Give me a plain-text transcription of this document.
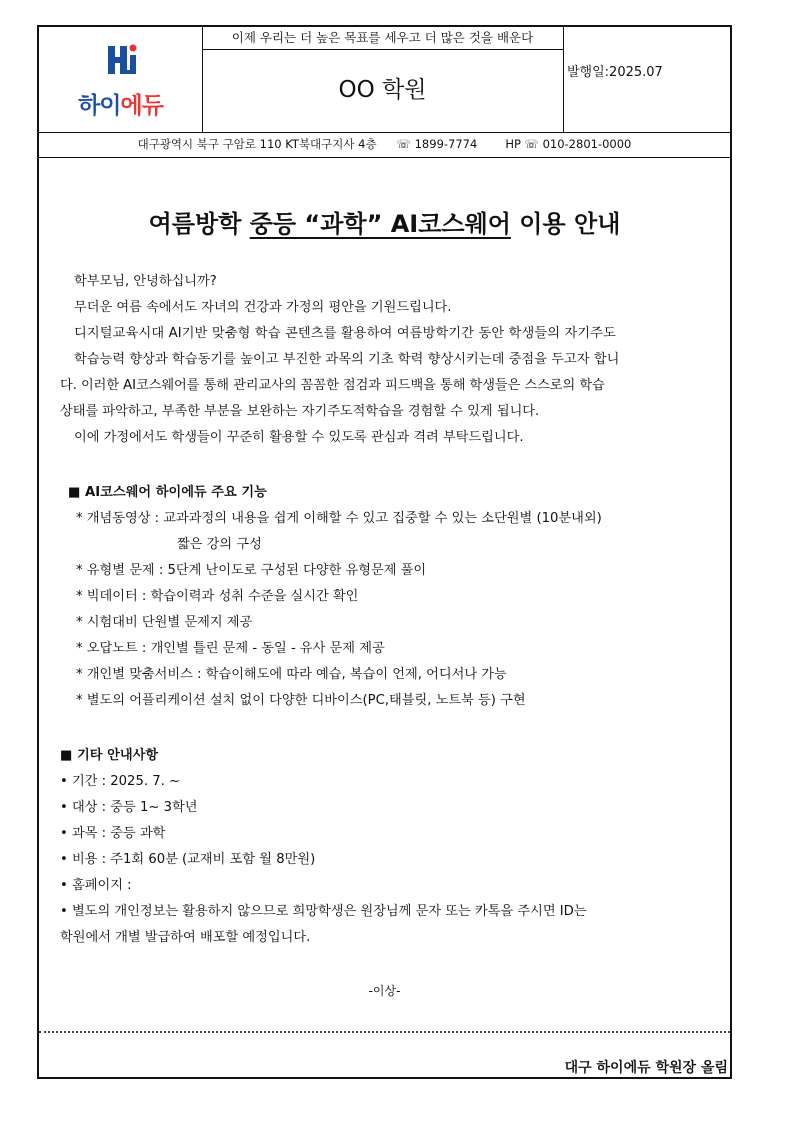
하이에듀
이제 우리는 더 높은 목표를 세우고 더 많은 것을 배운다
OO 학원
발행일:2025.07
대구광역시 북구 구암로 110 KT북대구지사 4층 ☏ 1899-7774 HP ☏ 010-2801-0000
여름방학 중등 “과학” AI코스웨어 이용 안내
학부모님, 안녕하십니까?
무더운 여름 속에서도 자녀의 건강과 가정의 평안을 기원드립니다.
디지털교육시대 AI기반 맞춤형 학습 콘텐츠를 활용하여 여름방학기간 동안 학생들의 자기주도
학습능력 향상과 학습동기를 높이고 부진한 과목의 기초 학력 향상시키는데 중점을 두고자 합니
다. 이러한 AI코스웨어를 통해 관리교사의 꼼꼼한 점검과 피드백을 통해 학생들은 스스로의 학습
상태를 파악하고, 부족한 부분을 보완하는 자기주도적학습을 경험할 수 있게 됩니다.
이에 가정에서도 학생들이 꾸준히 활용할 수 있도록 관심과 격려 부탁드립니다.
■ AI코스웨어 하이에듀 주요 기능
* 개념동영상 : 교과과정의 내용을 쉽게 이해할 수 있고 집중할 수 있는 소단원별 (10분내외)
짧은 강의 구성
* 유형별 문제 : 5단계 난이도로 구성된 다양한 유형문제 풀이
* 빅데이터 : 학습이력과 성취 수준을 실시간 확인
* 시험대비 단원별 문제지 제공
* 오답노트 : 개인별 틀린 문제 - 동일 - 유사 문제 제공
* 개인별 맞춤서비스 : 학습이해도에 따라 예습, 복습이 언제, 어디서나 가능
* 별도의 어플리케이션 설치 없이 다양한 디바이스(PC,태블릿, 노트북 등) 구현
■ 기타 안내사항
• 기간 : 2025. 7. ~
• 대상 : 중등 1~ 3학년
• 과목 : 중등 과학
• 비용 : 주1회 60분 (교재비 포함 월 8만원)
• 홈페이지 :
• 별도의 개인정보는 활용하지 않으므로 희망학생은 원장님께 문자 또는 카톡을 주시면 ID는
학원에서 개별 발급하여 배포할 예정입니다.
-이상-
대구 하이에듀 학원장 올림
